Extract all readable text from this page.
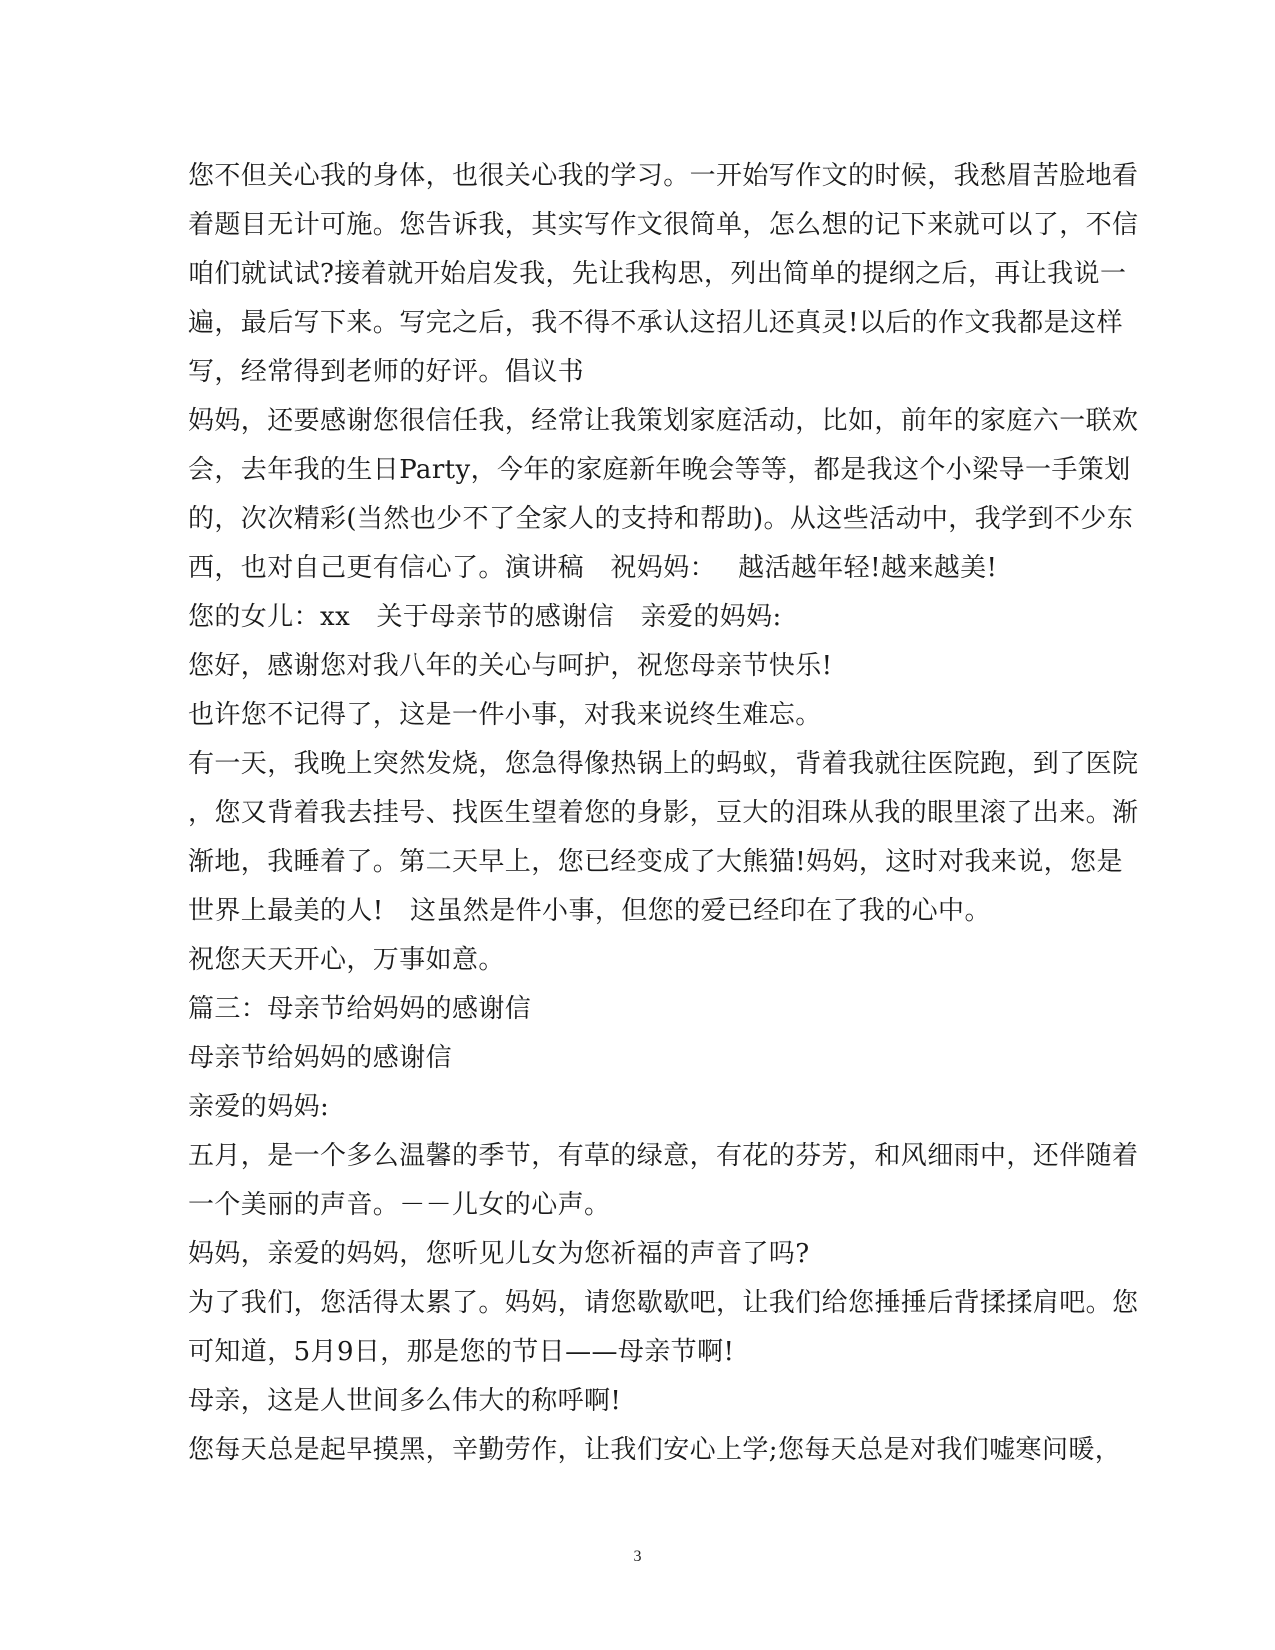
您不但关心我的身体，也很关心我的学习。一开始写作文的时候，我愁眉苦脸地看
着题目无计可施。您告诉我，其实写作文很简单，怎么想的记下来就可以了，不信
咱们就试试?接着就开始启发我，先让我构思，列出简单的提纲之后，再让我说一
遍，最后写下来。写完之后，我不得不承认这招儿还真灵!以后的作文我都是这样
写，经常得到老师的好评。倡议书
妈妈，还要感谢您很信任我，经常让我策划家庭活动，比如，前年的家庭六一联欢
会，去年我的生日Party，今年的家庭新年晚会等等，都是我这个小梁导一手策划
的，次次精彩(当然也少不了全家人的支持和帮助)。从这些活动中，我学到不少东
西，也对自己更有信心了。演讲稿　祝妈妈：　 越活越年轻!越来越美!
您的女儿：xx　关于母亲节的感谢信　亲爱的妈妈:
您好，感谢您对我八年的关心与呵护，祝您母亲节快乐!
也许您不记得了，这是一件小事，对我来说终生难忘。
有一天，我晚上突然发烧，您急得像热锅上的蚂蚁，背着我就往医院跑，到了医院
，您又背着我去挂号、找医生望着您的身影，豆大的泪珠从我的眼里滚了出来。渐
渐地，我睡着了。第二天早上，您已经变成了大熊猫!妈妈，这时对我来说，您是
世界上最美的人!　这虽然是件小事，但您的爱已经印在了我的心中。
祝您天天开心，万事如意。
篇三：母亲节给妈妈的感谢信
母亲节给妈妈的感谢信
亲爱的妈妈:
五月，是一个多么温馨的季节，有草的绿意，有花的芬芳，和风细雨中，还伴随着
一个美丽的声音。－－儿女的心声。
妈妈，亲爱的妈妈，您听见儿女为您祈福的声音了吗?
为了我们，您活得太累了。妈妈，请您歇歇吧，让我们给您捶捶后背揉揉肩吧。您
可知道，5月9日，那是您的节日——母亲节啊!
母亲，这是人世间多么伟大的称呼啊!
您每天总是起早摸黑，辛勤劳作，让我们安心上学;您每天总是对我们嘘寒问暖，
3
